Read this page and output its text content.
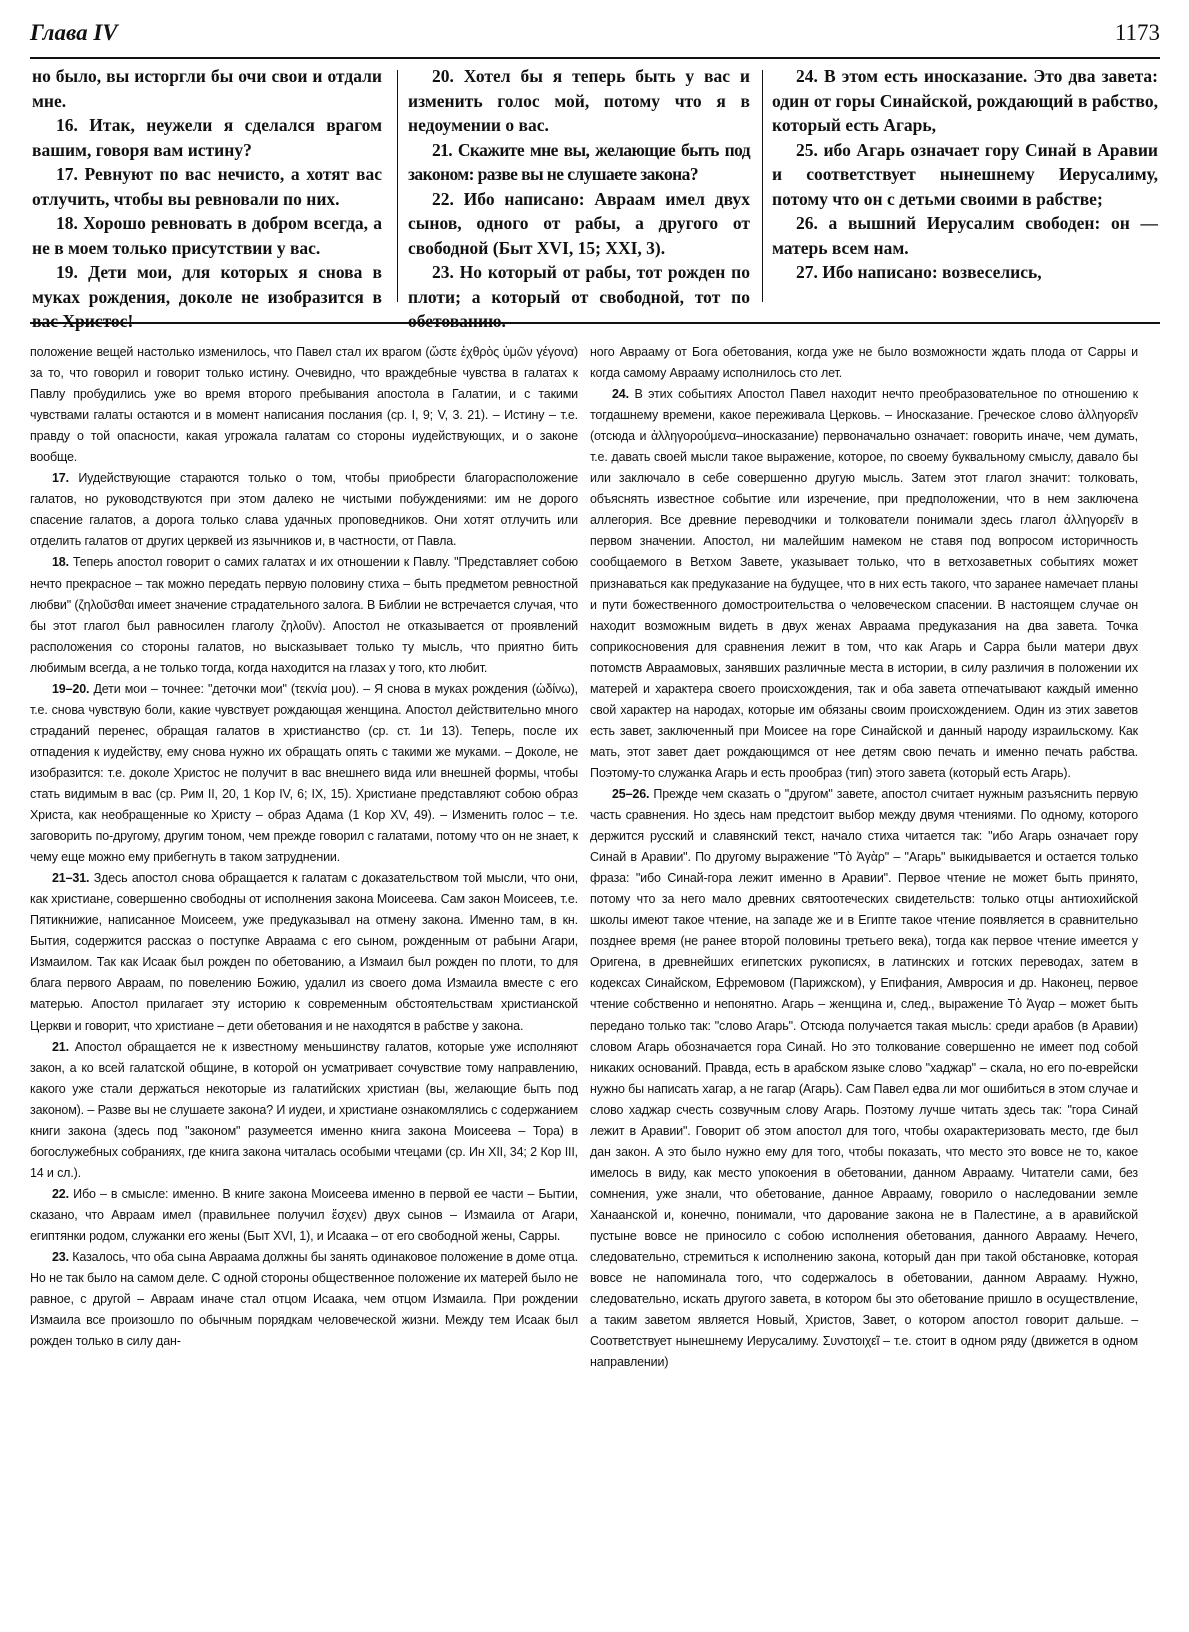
Глава IV	1173

но было, вы исторгли бы очи свои и отдали мне.

16. Итак, неужели я сделался врагом вашим, говоря вам истину?

17. Ревнуют по вас нечисто, а хотят вас отлучить, чтобы вы ревновали по них.

18. Хорошо ревновать в добром всегда, а не в моем только присутствии у вас.

19. Дети мои, для которых я снова в муках рождения, доколе не изобразится в вас Христос!

20. Хотел бы я теперь быть у вас и изменить голос мой, потому что я в недоумении о вас.

21. Скажите мне вы, желающие быть под законом: разве вы не слушаете закона?

22. Ибо написано: Авраам имел двух сынов, одного от рабы, а другого от свободной (Быт XVI, 15; XXI, 3).

23. Но который от рабы, тот рожден по плоти; а который от свободной, тот по обетованию.

24. В этом есть иносказание. Это два завета: один от горы Синайской, рождающий в рабство, который есть Агарь,

25. ибо Агарь означает гору Синай в Аравии и соответствует нынешнему Иерусалиму, потому что он с детьми своими в рабстве;

26. а вышний Иерусалим свободен: он — матерь всем нам.

27. Ибо написано: возвеселись,

положение вещей настолько изменилось, что Павел стал их врагом (ὥστε ἐχθρὸς ὑμῶν γέγονα) за то, что говорил и говорит только истину. Очевидно, что враждебные чувства в галатах к Павлу пробудились уже во время второго пребывания апостола в Галатии, и с такими чувствами галаты остаются и в момент написания послания (ср. I, 9; V, 3. 21). – Истину – т.е. правду о той опасности, какая угрожала галатам со стороны иудействующих, и о законе вообще.

17. Иудействующие стараются только о том, чтобы приобрести благорасположение галатов, но руководствуются при этом далеко не чистыми побуждениями: им не дорого спасение галатов, а дорога только слава удачных проповедников. Они хотят отлучить или отделить галатов от других церквей из язычников и, в частности, от Павла.

18. Теперь апостол говорит о самих галатах и их отношении к Павлу. "Представляет собою нечто прекрасное – так можно передать первую половину стиха – быть предметом ревностной любви" (ζηλοῦσθαι имеет значение страдательного залога. В Библии не встречается случая, что бы этот глагол был равносилен глаголу ζηλοῦν). Апостол не отказывается от проявлений расположения со стороны галатов, но высказывает только ту мысль, что приятно бить любимым всегда, а не только тогда, когда находится на глазах у того, кто любит.

19–20. Дети мои – точнее: "деточки мои" (τεκνία μου). – Я снова в муках рождения (ὠδίνω), т.е. снова чувствую боли, какие чувствует рождающая женщина. Апостол действительно много страданий перенес, обращая галатов в христианство (ср. ст. 1и 13). Теперь, после их отпадения к иудейству, ему снова нужно их обращать опять с такими же муками. – Доколе, не изобразится: т.е. доколе Христос не получит в вас внешнего вида или внешней формы, чтобы стать видимым в вас (ср. Рим II, 20, 1 Кор IV, 6; IX, 15). Христиане представляют собою образ Христа, как необращенные ко Христу – образ Адама (1 Кор XV, 49). – Изменить голос – т.е. заговорить по-другому, другим тоном, чем прежде говорил с галатами, потому что он не знает, к чему еще можно ему прибегнуть в таком затруднении.

21–31. Здесь апостол снова обращается к галатам с доказательством той мысли, что они, как христиане, совершенно свободны от исполнения закона Моисеева. Сам закон Моисеев, т.е. Пятикнижие, написанное Моисеем, уже предуказывал на отмену закона. Именно там, в кн. Бытия, содержится рассказ о поступке Авраама с его сыном, рожденным от рабыни Агари, Измаилом. Так как Исаак был рожден по обетованию, а Измаил был рожден по плоти, то для блага первого Авраам, по повелению Божию, удалил из своего дома Измаила вместе с его матерью. Апостол прилагает эту историю к современным обстоятельствам христианской Церкви и говорит, что христиане – дети обетования и не находятся в рабстве у закона.

21. Апостол обращается не к известному меньшинству галатов, которые уже исполняют закон, а ко всей галатской общине, в которой он усматривает сочувствие тому направлению, какого уже стали держаться некоторые из галатийских христиан (вы, желающие быть под законом). – Разве вы не слушаете закона? И иудеи, и христиане ознакомлялись с содержанием книги закона (здесь под "законом" разумеется именно книга закона Моисеева – Тора) в богослужебных собраниях, где книга закона читалась особыми чтецами (ср. Ин XII, 34; 2 Кор III, 14 и сл.).

22. Ибо – в смысле: именно. В книге закона Моисеева именно в первой ее части – Бытии, сказано, что Авраам имел (правильнее получил ἔσχεν) двух сынов – Измаила от Агари, египтянки родом, служанки его жены (Быт XVI, 1), и Исаака – от его свободной жены, Сарры.

23. Казалось, что оба сына Авраама должны бы занять одинаковое положение в доме отца. Но не так было на самом деле. С одной стороны общественное положение их матерей было не равное, с другой – Авраам иначе стал отцом Исаака, чем отцом Измаила. При рождении Измаила все произошло по обычным порядкам человеческой жизни. Между тем Исаак был рожден только в силу дан-

ного Аврааму от Бога обетования, когда уже не было возможности ждать плода от Сарры и когда самому Аврааму исполнилось сто лет.

24. В этих событиях Апостол Павел находит нечто преобразовательное по отношению к тогдашнему времени, какое переживала Церковь. – Иносказание. Греческое слово ἀλληγορεῖν (отсюда и ἀλληγορούμενα–иносказание) первоначально означает: говорить иначе, чем думать, т.е. давать своей мысли такое выражение, которое, по своему буквальному смыслу, давало бы или заключало в себе совершенно другую мысль. Затем этот глагол значит: толковать, объяснять известное событие или изречение, при предположении, что в нем заключена аллегория. Все древние переводчики и толкователи понимали здесь глагол ἀλληγορεῖν в первом значении. Апостол, ни малейшим намеком не ставя под вопросом историчность сообщаемого в Ветхом Завете, указывает только, что в ветхозаветных событиях может признаваться как предуказание на будущее, что в них есть такого, что заранее намечает планы и пути божественного домостроительства о человеческом спасении. В настоящем случае он находит возможным видеть в двух женах Авраама предуказания на два завета. Точка соприкосновения для сравнения лежит в том, что как Агарь и Сарра были матери двух потомств Авраамовых, занявших различные места в истории, в силу различия в положении их матерей и характера своего происхождения, так и оба завета отпечатывают каждый именно свой характер на народах, которые им обязаны своим происхождением. Один из этих заветов есть завет, заключенный при Моисее на горе Синайской и данный народу израильскому. Как мать, этот завет дает рождающимся от нее детям свою печать и именно печать рабства. Поэтому-то служанка Агарь и есть прообраз (тип) этого завета (который есть Агарь).

25–26. Прежде чем сказать о "другом" завете, апостол считает нужным разъяснить первую часть сравнения. Но здесь нам предстоит выбор между двумя чтениями. По одному, которого держится русский и славянский текст, начало стиха читается так: "ибо Агарь означает гору Синай в Аравии". По другому выражение "Τὸ Ἀγὰρ" – "Агарь" выкидывается и остается только фраза: "ибо Синай-гора лежит именно в Аравии". Первое чтение не может быть принято, потому что за него мало древних святоотеческих свидетельств: только отцы антиохийской школы имеют такое чтение, на западе же и в Египте такое чтение появляется в сравнительно позднее время (не ранее второй половины третьего века), тогда как первое чтение имеется у Оригена, в древнейших египетских рукописях, в латинских и готских переводах, затем в кодексах Синайском, Ефремовом (Парижском), у Епифания, Амвросия и др. Наконец, первое чтение собственно и непонятно. Агарь – женщина и, след., выражение Τὸ Ἀγαρ – может быть передано только так: "слово Агарь". Отсюда получается такая мысль: среди арабов (в Аравии) словом Агарь обозначается гора Синай. Но это толкование совершенно не имеет под собой никаких оснований. Правда, есть в арабском языке слово "хаджар" – скала, но его по-еврейски нужно бы написать хагар, а не гагар (Агарь). Сам Павел едва ли мог ошибиться в этом случае и слово хаджар счесть созвучным слову Агарь. Поэтому лучше читать здесь так: "гора Синай лежит в Аравии". Говорит об этом апостол для того, чтобы охарактеризовать место, где был дан закон. А это было нужно ему для того, чтобы показать, что место это вовсе не то, какое имелось в виду, как место упокоения в обетовании, данном Аврааму. Читатели сами, без сомнения, уже знали, что обетование, данное Аврааму, говорило о наследовании земле Ханаанской и, конечно, понимали, что дарование закона не в Палестине, а в аравийской пустыне вовсе не приносило с собою исполнения обетования, данного Аврааму. Нечего, следовательно, стремиться к исполнению закона, который дан при такой обстановке, которая вовсе не напоминала того, что содержалось в обетовании, данном Аврааму. Нужно, следовательно, искать другого завета, в котором бы это обетование пришло в осуществление, а таким заветом является Новый, Христов, Завет, о котором апостол говорит дальше. – Соответствует нынешнему Иерусалиму. Συνστοιχεῖ – т.е. стоит в одном ряду (движется в одном направлении)
